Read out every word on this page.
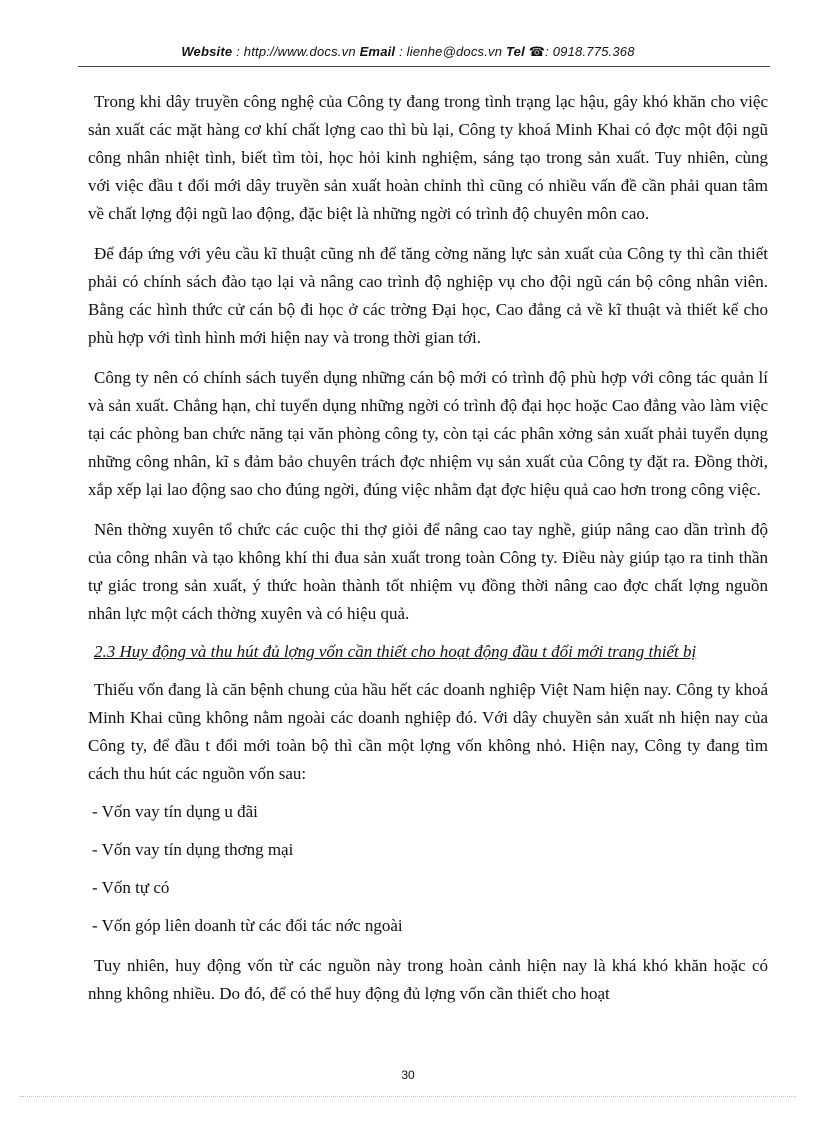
Website : http://www.docs.vn Email : lienhe@docs.vn Tel ☎: 0918.775.368

Trong khi dây truyền công nghệ của Công ty đang trong tình trạng lạc hậu, gây khó khăn cho việc sản xuất các mặt hàng cơ khí chất lợng cao thì bù lại, Công ty khoá Minh Khai có đợc một đội ngũ công nhân nhiệt tình, biết tìm tòi, học hỏi kinh nghiệm, sáng tạo trong sản xuất. Tuy nhiên, cùng với việc đầu t đổi mới dây truyền sản xuất hoàn chỉnh thì cũng có nhiều vấn đề cần phải quan tâm về chất lợng đội ngũ lao động, đặc biệt là những ngời có trình độ chuyên môn cao.

Để đáp ứng với yêu cầu kĩ thuật cũng nh để tăng cờng năng lực sản xuất của Công ty thì cần thiết phải có chính sách đào tạo lại và nâng cao trình độ nghiệp vụ cho đội ngũ cán bộ công nhân viên. Bằng các hình thức cử cán bộ đi học ở các trờng Đại học, Cao đẳng cả về kĩ thuật và thiết kế cho phù hợp với tình hình mới hiện nay và trong thời gian tới.

Công ty nên có chính sách tuyển dụng những cán bộ mới có trình độ phù hợp với công tác quản lí và sản xuất. Chẳng hạn, chỉ tuyển dụng những ngời có trình độ đại học hoặc Cao đẳng vào làm việc tại các phòng ban chức năng tại văn phòng công ty, còn tại các phân xởng sản xuất phải tuyển dụng những công nhân, kĩ s đảm bảo chuyên trách đợc nhiệm vụ sản xuất của Công ty đặt ra. Đồng thời, xắp xếp lại lao động sao cho đúng ngời, đúng việc nhằm đạt đợc hiệu quả cao hơn trong công việc.

Nên thờng xuyên tổ chức các cuộc thi thợ giỏi để nâng cao tay nghề, giúp nâng cao dần trình độ của công nhân và tạo không khí thi đua sản xuất trong toàn Công ty. Điều này giúp tạo ra tinh thần tự giác trong sản xuất, ý thức hoàn thành tốt nhiệm vụ đồng thời nâng cao đợc chất lợng nguồn nhân lực một cách thờng xuyên và có hiệu quả.

2.3 Huy động và thu hút đủ lợng vốn cần thiết cho hoạt động đầu t đổi mới trang thiết bị

Thiếu vốn đang là căn bệnh chung của hầu hết các doanh nghiệp Việt Nam hiện nay. Công ty khoá Minh Khai cũng không nằm ngoài các doanh nghiệp đó. Với dây chuyền sản xuất nh hiện nay của Công ty, để đầu t đổi mới toàn bộ thì cần một lợng vốn không nhỏ. Hiện nay, Công ty đang tìm cách thu hút các nguồn vốn sau:

- Vốn vay tín dụng u đãi
- Vốn vay tín dụng thơng mại
- Vốn tự có
- Vốn góp liên doanh từ các đối tác nớc ngoài

Tuy nhiên, huy động vốn từ các nguồn này trong hoàn cảnh hiện nay là khá khó khăn hoặc có nhng không nhiều. Do đó, để có thể huy động đủ lợng vốn cần thiết cho hoạt

30
